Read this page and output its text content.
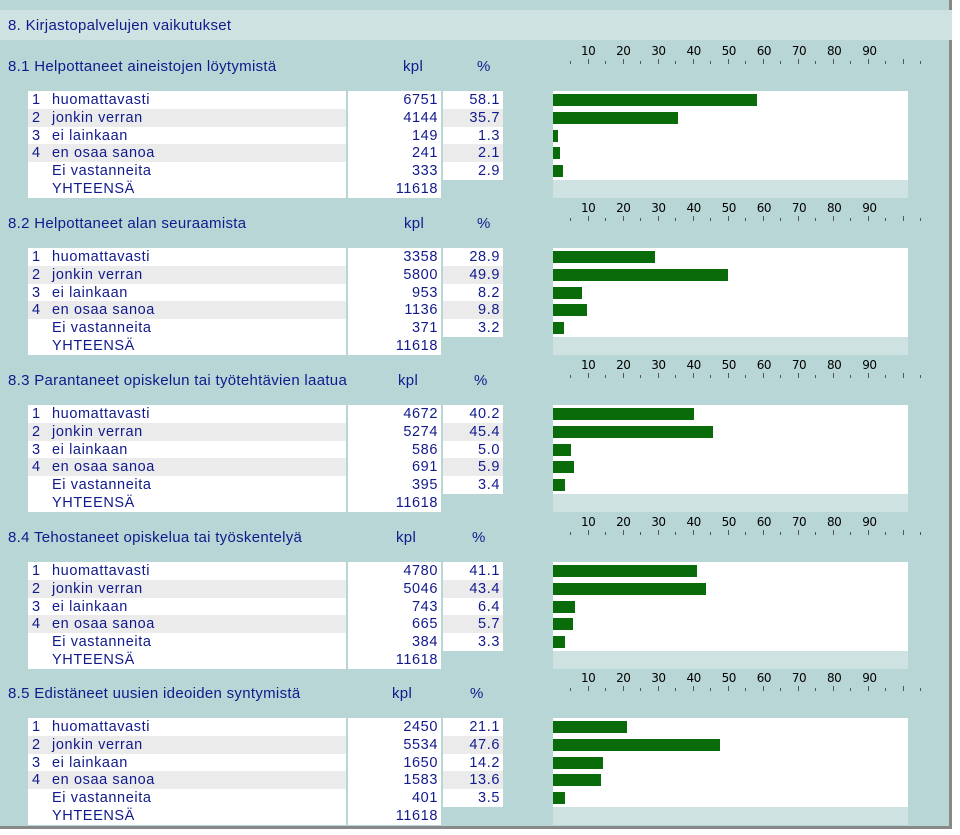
8. Kirjastopalvelujen vaikutukset
8.1 Helpottaneet aineistojen löytymistä	kpl	%
10 20 30 40 50 60 70 80 90
1 huomattavasti	6751	58.1
2 jonkin verran	4144	35.7
3 ei lainkaan	149	1.3
4 en osaa sanoa	241	2.1
Ei vastanneita	333	2.9
YHTEENSÄ	11618
8.2 Helpottaneet alan seuraamista	kpl	%
10 20 30 40 50 60 70 80 90
1 huomattavasti	3358	28.9
2 jonkin verran	5800	49.9
3 ei lainkaan	953	8.2
4 en osaa sanoa	1136	9.8
Ei vastanneita	371	3.2
YHTEENSÄ	11618
8.3 Parantaneet opiskelun tai työtehtävien laatua	kpl	%
10 20 30 40 50 60 70 80 90
1 huomattavasti	4672	40.2
2 jonkin verran	5274	45.4
3 ei lainkaan	586	5.0
4 en osaa sanoa	691	5.9
Ei vastanneita	395	3.4
YHTEENSÄ	11618
8.4 Tehostaneet opiskelua tai työskentelyä	kpl	%
10 20 30 40 50 60 70 80 90
1 huomattavasti	4780	41.1
2 jonkin verran	5046	43.4
3 ei lainkaan	743	6.4
4 en osaa sanoa	665	5.7
Ei vastanneita	384	3.3
YHTEENSÄ	11618
8.5 Edistäneet uusien ideoiden syntymistä	kpl	%
10 20 30 40 50 60 70 80 90
1 huomattavasti	2450	21.1
2 jonkin verran	5534	47.6
3 ei lainkaan	1650	14.2
4 en osaa sanoa	1583	13.6
Ei vastanneita	401	3.5
YHTEENSÄ	11618
